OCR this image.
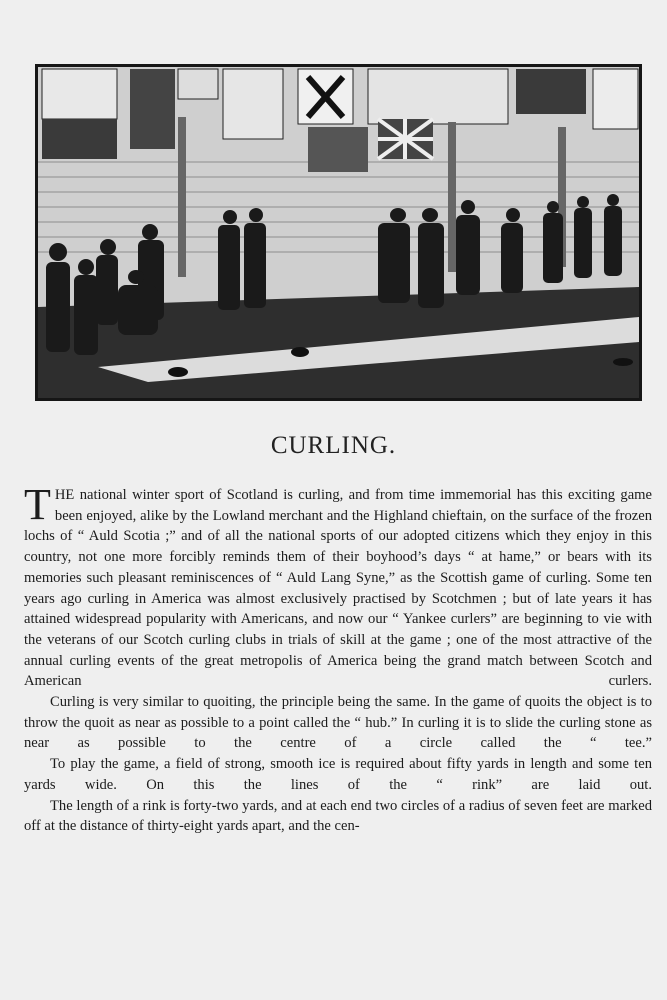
CURLING.

THE national winter sport of Scotland is curling, and from time immemorial has this exciting game been enjoyed, alike by the Lowland merchant and the Highland chieftain, on the surface of the frozen lochs of “ Auld Scotia ;” and of all the national sports of our adopted citizens which they enjoy in this country, not one more forcibly reminds them of their boyhood’s days “ at hame,” or bears with its memories such pleasant reminiscences of “ Auld Lang Syne,” as the Scottish game of curling. Some ten years ago curling in America was almost exclusively practised by Scotchmen ; but of late years it has attained widespread popularity with Americans, and now our “ Yankee curlers” are beginning to vie with the veterans of our Scotch curling clubs in trials of skill at the game ; one of the most attractive of the annual curling events of the great metropolis of America being the grand match between Scotch and American curlers.

Curling is very similar to quoiting, the principle being the same. In the game of quoits the object is to throw the quoit as near as possible to a point called the “ hub.” In curling it is to slide the curling stone as near as possible to the centre of a circle called the “ tee.”

To play the game, a field of strong, smooth ice is required about fifty yards in length and some ten yards wide. On this the lines of the “ rink” are laid out.

The length of a rink is forty-two yards, and at each end two circles of a radius of seven feet are marked off at the distance of thirty-eight yards apart, and the cen-
